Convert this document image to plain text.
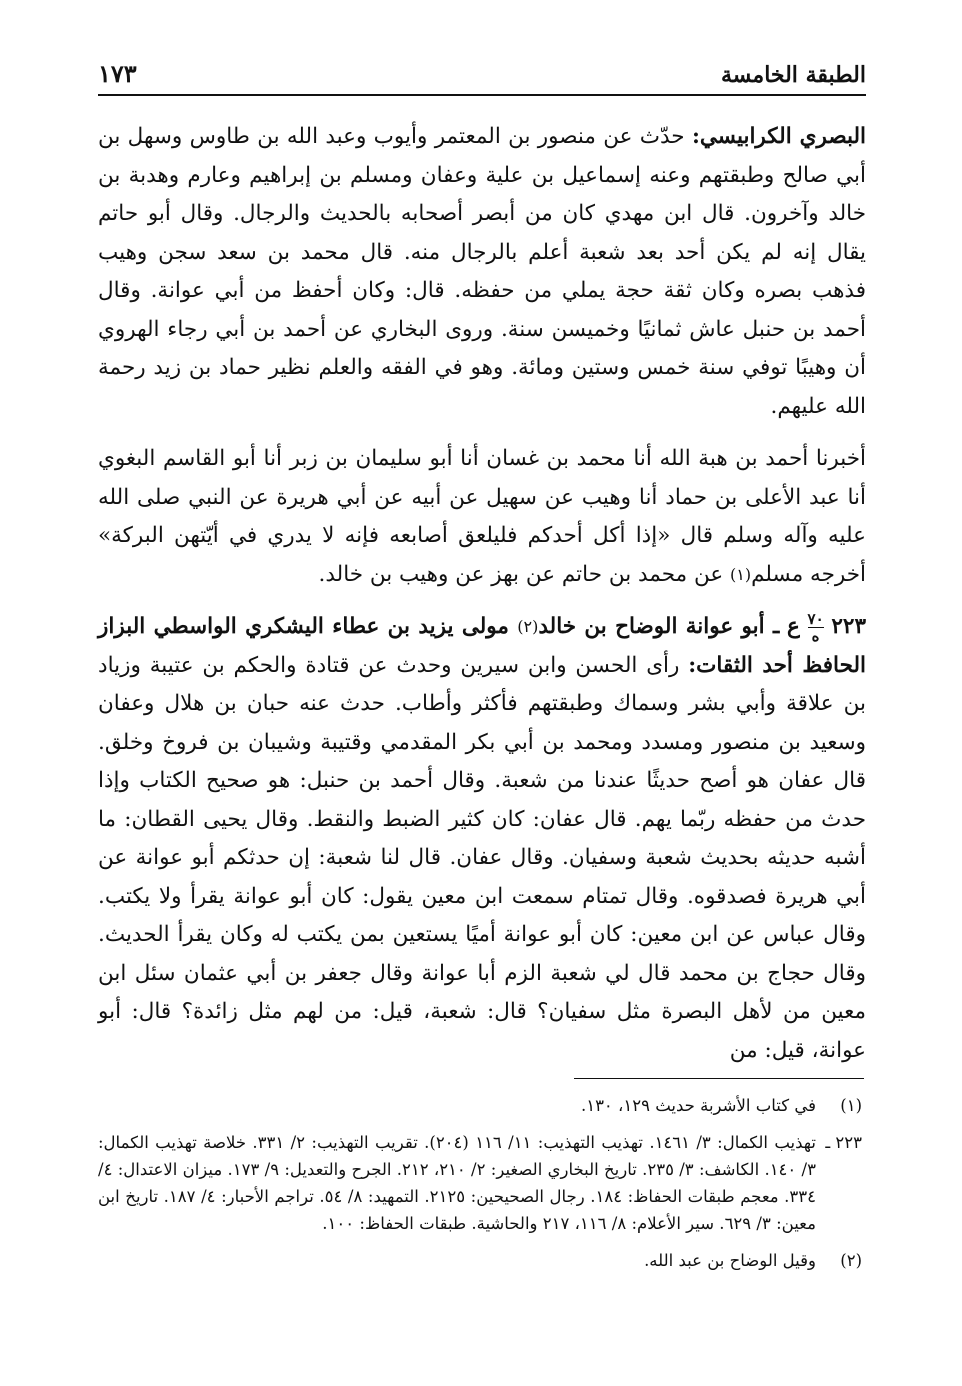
الطبقة الخامسة
١٧٣

البصري الكرابيسي: حدّث عن منصور بن المعتمر وأيوب وعبد الله بن طاوس وسهل بن أبي صالح وطبقتهم وعنه إسماعيل بن علية وعفان ومسلم بن إبراهيم وعارم وهدبة بن خالد وآخرون. قال ابن مهدي كان من أبصر أصحابه بالحديث والرجال. وقال أبو حاتم يقال إنه لم يكن أحد بعد شعبة أعلم بالرجال منه. قال محمد بن سعد سجن وهيب فذهب بصره وكان ثقة حجة يملي من حفظه. قال: وكان أحفظ من أبي عوانة. وقال أحمد بن حنبل عاش ثمانيًا وخميسن سنة. وروى البخاري عن أحمد بن أبي رجاء الهروي أن وهيبًا توفي سنة خمس وستين ومائة. وهو في الفقه والعلم نظير حماد بن زيد رحمة الله عليهم.

أخبرنا أحمد بن هبة الله أنا محمد بن غسان أنا أبو سليمان بن زبر أنا أبو القاسم البغوي أنا عبد الأعلى بن حماد أنا وهيب عن سهيل عن أبيه عن أبي هريرة عن النبي صلى الله عليه وآله وسلم قال «إذا أكل أحدكم فليلعق أصابعه فإنه لا يدري في أيّتهن البركة» أخرجه مسلم$^{(١)}$ عن محمد بن حاتم عن بهز عن وهيب بن خالد.

٢٢٣
٧٠
ه
ع ـ أبو عوانة الوضاح بن خالد$^{(٢)}$ مولى يزيد بن عطاء اليشكري الواسطي البزاز الحافظ أحد الثقات: رأى الحسن وابن سيرين وحدث عن قتادة والحكم بن عتيبة وزياد بن علاقة وأبي بشر وسماك وطبقتهم فأكثر وأطاب. حدث عنه حبان بن هلال وعفان وسعيد بن منصور ومسدد ومحمد بن أبي بكر المقدمي وقتيبة وشيبان بن فروخ وخلق. قال عفان هو أصح حديثًا عندنا من شعبة. وقال أحمد بن حنبل: هو صحيح الكتاب وإذا حدث من حفظه ربّما يهم. قال عفان: كان كثير الضبط والنقط. وقال يحيى القطان: ما أشبه حديثه بحديث شعبة وسفيان. وقال عفان. قال لنا شعبة: إن حدثكم أبو عوانة عن أبي هريرة فصدقوه. وقال تمتام سمعت ابن معين يقول: كان أبو عوانة يقرأ ولا يكتب. وقال عباس عن ابن معين: كان أبو عوانة أميًا يستعين بمن يكتب له وكان يقرأ الحديث. وقال حجاج بن محمد قال لي شعبة الزم أبا عوانة وقال جعفر بن أبي عثمان سئل ابن معين من لأهل البصرة مثل سفيان؟ قال: شعبة، قيل: من لهم مثل زائدة؟ قال: أبو عوانة، قيل: من

(١)
في كتاب الأشربة حديث ١٢٩، ١٣٠.

٢٢٣ ـ
تهذيب الكمال: ٣/ ١٤٦١. تهذيب التهذيب: ١١/ ١١٦ (٢٠٤). تقريب التهذيب: ٢/ ٣٣١. خلاصة تهذيب الكمال: ٣/ ١٤٠. الكاشف: ٣/ ٢٣٥. تاريخ البخاري الصغير: ٢/ ٢١٠، ٢١٢. الجرح والتعديل: ٩/ ١٧٣. ميزان الاعتدال: ٤/ ٣٣٤. معجم طبقات الحفاظ: ١٨٤. رجال الصحيحين: ٢١٢٥. التمهيد: ٨/ ٥٤. تراجم الأحبار: ٤/ ١٨٧. تاريخ ابن معين: ٣/ ٦٢٩. سير الأعلام: ٨/ ١١٦، ٢١٧ والحاشية. طبقات الحفاظ: ١٠٠.

(٢)
وقيل الوضاح بن عبد الله.
